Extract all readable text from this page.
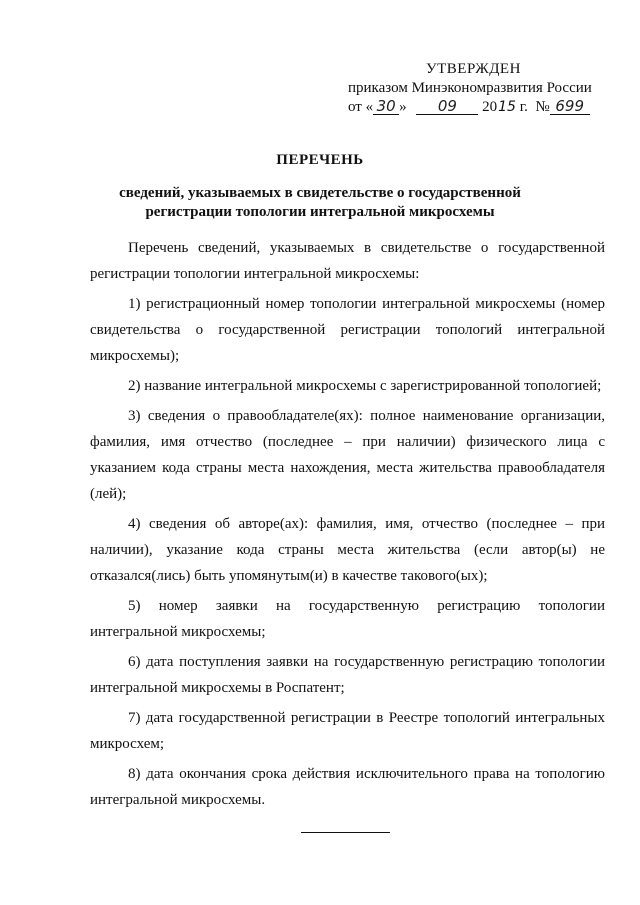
УТВЕРЖДЕН
приказом Минэкономразвития России
от « 30 » 09 2015 г. № 699
ПЕРЕЧЕНЬ
сведений, указываемых в свидетельстве о государственной
регистрации топологии интегральной микросхемы

Перечень сведений, указываемых в свидетельстве о государственной регистрации топологии интегральной микросхемы:

1) регистрационный номер топологии интегральной микросхемы (номер свидетельства о государственной регистрации топологий интегральной микросхемы);

2) название интегральной микросхемы с зарегистрированной топологией;

3) сведения о правообладателе(ях): полное наименование организации, фамилия, имя отчество (последнее – при наличии) физического лица с указанием кода страны места нахождения, места жительства правообладателя (лей);

4) сведения об авторе(ах): фамилия, имя, отчество (последнее – при наличии), указание кода страны места жительства (если автор(ы) не отказался(лись) быть упомянутым(и) в качестве такового(ых);

5) номер заявки на государственную регистрацию топологии интегральной микросхемы;

6) дата поступления заявки на государственную регистрацию топологии интегральной микросхемы в Роспатент;

7) дата государственной регистрации в Реестре топологий интегральных микросхем;

8) дата окончания срока действия исключительного права на топологию интегральной микросхемы.
